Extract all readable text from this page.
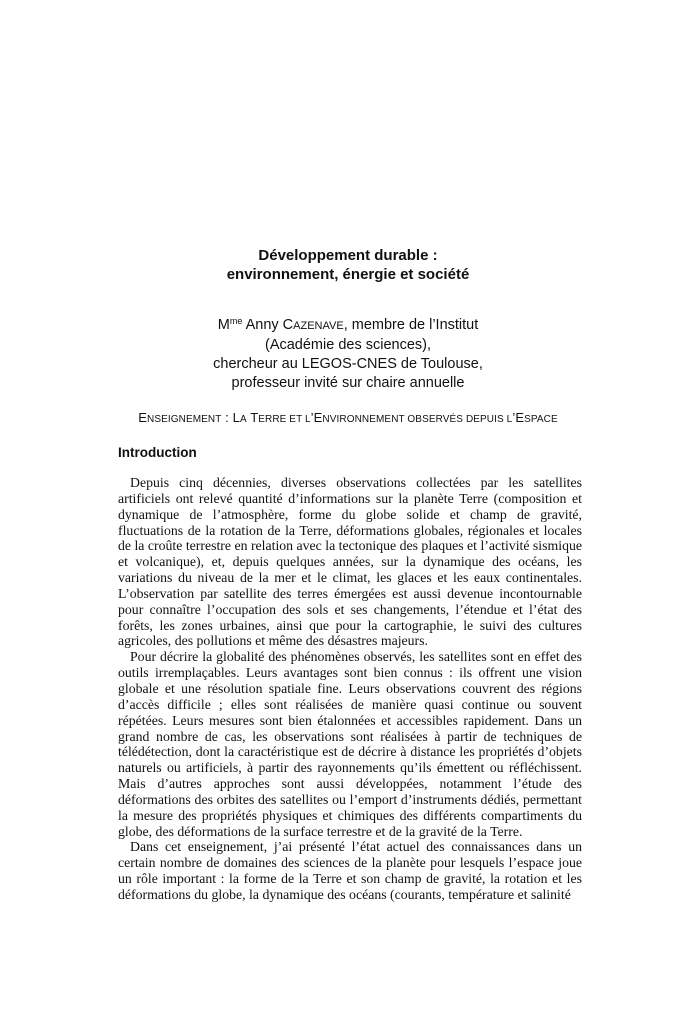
Développement durable :
environnement, énergie et société
$M^{me}$ Anny CAZENAVE, membre de l’Institut
(Académie des sciences),
chercheur au LEGOS-CNES de Toulouse,
professeur invité sur chaire annuelle
ENSEIGNEMENT : LA TERRE ET L’ENVIRONNEMENT OBSERVÉS DEPUIS L’ESPACE
Introduction

Depuis cinq décennies, diverses observations collectées par les satellites artificiels ont relevé quantité d’informations sur la planète Terre (composition et dynamique de l’atmosphère, forme du globe solide et champ de gravité, fluctuations de la rotation de la Terre, déformations globales, régionales et locales de la croûte terrestre en relation avec la tectonique des plaques et l’activité sismique et volcanique), et, depuis quelques années, sur la dynamique des océans, les variations du niveau de la mer et le climat, les glaces et les eaux continentales. L’observation par satellite des terres émergées est aussi devenue incontournable pour connaître l’occupation des sols et ses changements, l’étendue et l’état des forêts, les zones urbaines, ainsi que pour la cartographie, le suivi des cultures agricoles, des pollutions et même des désastres majeurs.

Pour décrire la globalité des phénomènes observés, les satellites sont en effet des outils irremplaçables. Leurs avantages sont bien connus : ils offrent une vision globale et une résolution spatiale fine. Leurs observations couvrent des régions d’accès difficile ; elles sont réalisées de manière quasi continue ou souvent répétées. Leurs mesures sont bien étalonnées et accessibles rapidement. Dans un grand nombre de cas, les observations sont réalisées à partir de techniques de télédétection, dont la caractéristique est de décrire à distance les propriétés d’objets naturels ou artificiels, à partir des rayonnements qu’ils émettent ou réfléchissent. Mais d’autres approches sont aussi développées, notamment l’étude des déformations des orbites des satellites ou l’emport d’instruments dédiés, permettant la mesure des propriétés physiques et chimiques des différents compartiments du globe, des déformations de la surface terrestre et de la gravité de la Terre.

Dans cet enseignement, j’ai présenté l’état actuel des connaissances dans un certain nombre de domaines des sciences de la planète pour lesquels l’espace joue un rôle important : la forme de la Terre et son champ de gravité, la rotation et les déformations du globe, la dynamique des océans (courants, température et salinité
